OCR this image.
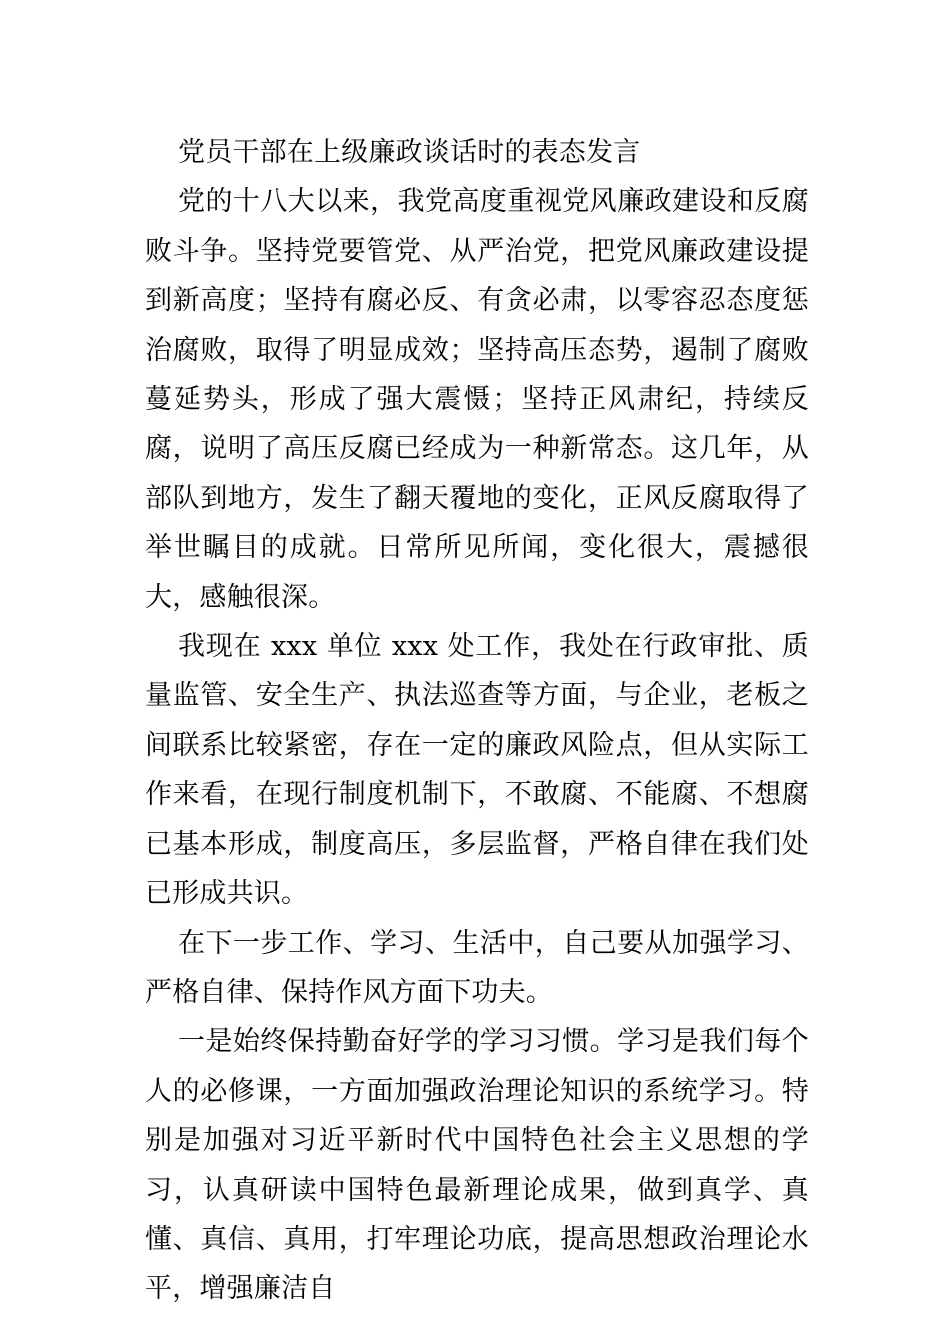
党员干部在上级廉政谈话时的表态发言

党的十八大以来，我党高度重视党风廉政建设和反腐败斗争。坚持党要管党、从严治党，把党风廉政建设提到新高度；坚持有腐必反、有贪必肃，以零容忍态度惩治腐败，取得了明显成效；坚持高压态势，遏制了腐败蔓延势头，形成了强大震慑；坚持正风肃纪，持续反腐，说明了高压反腐已经成为一种新常态。这几年，从部队到地方，发生了翻天覆地的变化，正风反腐取得了举世瞩目的成就。日常所见所闻，变化很大，震撼很大，感触很深。

我现在 xxx 单位 xxx 处工作，我处在行政审批、质量监管、安全生产、执法巡查等方面，与企业，老板之间联系比较紧密，存在一定的廉政风险点，但从实际工作来看，在现行制度机制下，不敢腐、不能腐、不想腐已基本形成，制度高压，多层监督，严格自律在我们处已形成共识。

在下一步工作、学习、生活中，自己要从加强学习、严格自律、保持作风方面下功夫。

一是始终保持勤奋好学的学习习惯。学习是我们每个人的必修课，一方面加强政治理论知识的系统学习。特别是加强对习近平新时代中国特色社会主义思想的学习，认真研读中国特色最新理论成果，做到真学、真懂、真信、真用，打牢理论功底，提高思想政治理论水平，增强廉洁自
